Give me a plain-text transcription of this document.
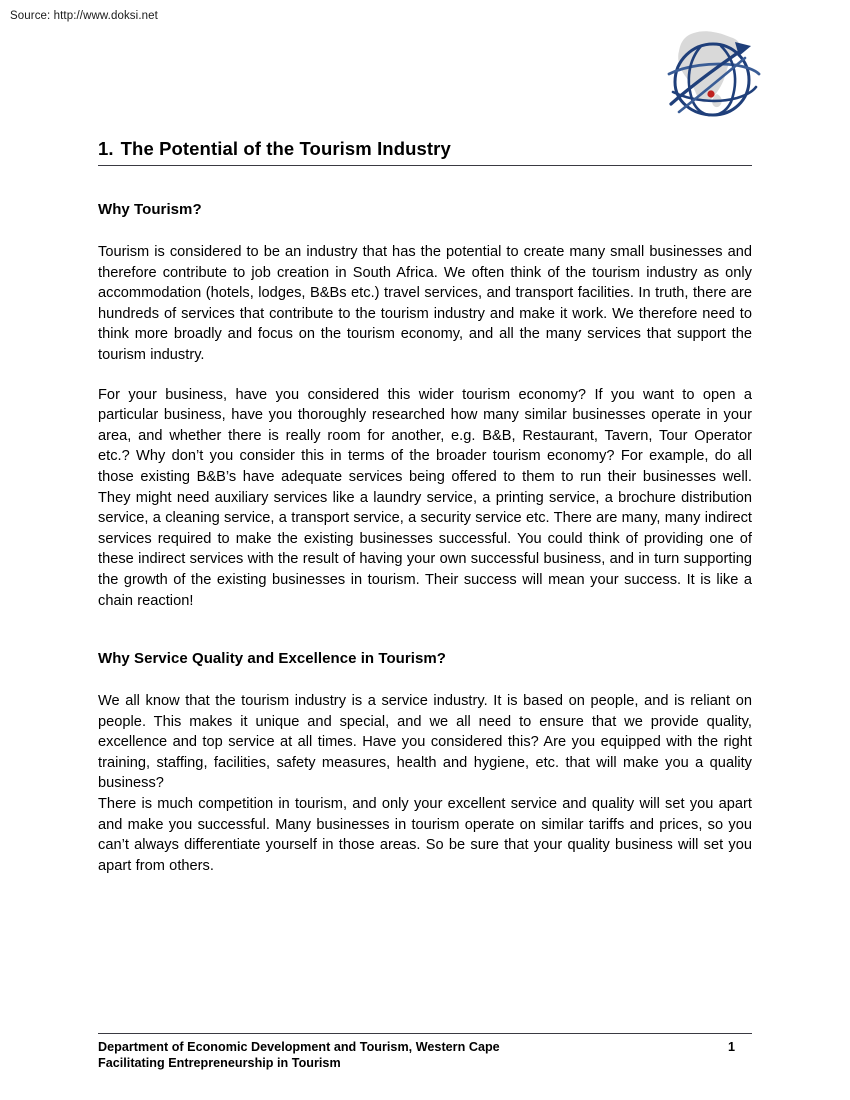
Source: http://www.doksi.net
1. The Potential of the Tourism Industry
Why Tourism?

Tourism is considered to be an industry that has the potential to create many small businesses and therefore contribute to job creation in South Africa. We often think of the tourism industry as only accommodation (hotels, lodges, B&Bs etc.) travel services, and transport facilities. In truth, there are hundreds of services that contribute to the tourism industry and make it work. We therefore need to think more broadly and focus on the tourism economy, and all the many services that support the tourism industry.

For your business, have you considered this wider tourism economy? If you want to open a particular business, have you thoroughly researched how many similar businesses operate in your area, and whether there is really room for another, e.g. B&B, Restaurant, Tavern, Tour Operator etc.? Why don’t you consider this in terms of the broader tourism economy? For example, do all those existing B&B’s have adequate services being offered to them to run their businesses well. They might need auxiliary services like a laundry service, a printing service, a brochure distribution service, a cleaning service, a transport service, a security service etc. There are many, many indirect services required to make the existing businesses successful. You could think of providing one of these indirect services with the result of having your own successful business, and in turn supporting the growth of the existing businesses in tourism. Their success will mean your success. It is like a chain reaction!

Why Service Quality and Excellence in Tourism?

We all know that the tourism industry is a service industry. It is based on people, and is reliant on people. This makes it unique and special, and we all need to ensure that we provide quality, excellence and top service at all times. Have you considered this? Are you equipped with the right training, staffing, facilities, safety measures, health and hygiene, etc. that will make you a quality business?

There is much competition in tourism, and only your excellent service and quality will set you apart and make you successful. Many businesses in tourism operate on similar tariffs and prices, so you can’t always differentiate yourself in those areas. So be sure that your quality business will set you apart from others.

Department of Economic Development and Tourism, Western Cape
Facilitating Entrepreneurship in Tourism
1
